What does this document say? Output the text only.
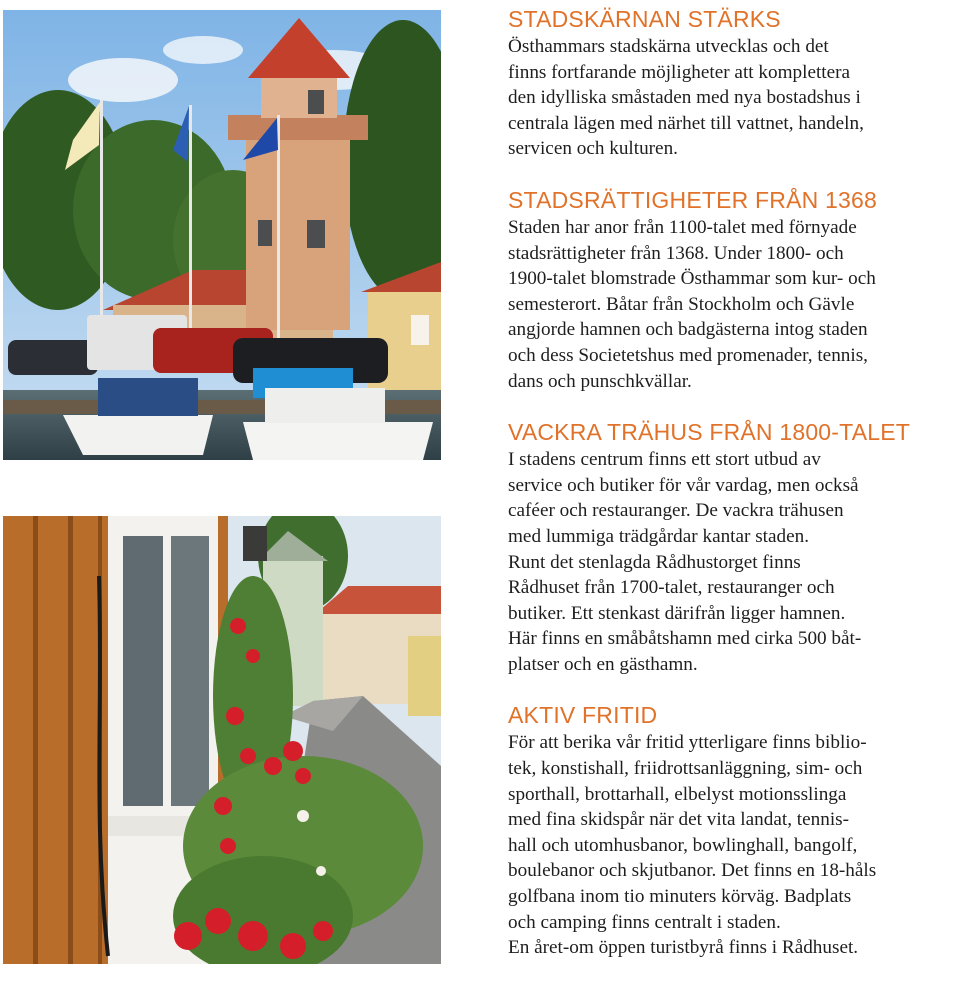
STADSKÄRNAN STÄRKS

Östhammars stadskärna utvecklas och det
finns fortfarande möjligheter att komplettera
den idylliska småstaden med nya bostadshus i
centrala lägen med närhet till vattnet, handeln,
servicen och kulturen.

STADSRÄTTIGHETER FRÅN 1368

Staden har anor från 1100-talet med förnyade
stadsrättigheter från 1368. Under 1800- och
1900-talet blomstrade Östhammar som kur- och
semesterort. Båtar från Stockholm och Gävle
angjorde hamnen och badgästerna intog staden
och dess Societetshus med promenader, tennis,
dans och punschkvällar.

VACKRA TRÄHUS FRÅN 1800-TALET

I stadens centrum finns ett stort utbud av
service och butiker för vår vardag, men också
caféer och restauranger. De vackra trähusen
med lummiga trädgårdar kantar staden.
Runt det stenlagda Rådhustorget finns
Rådhuset från 1700-talet, restauranger och
butiker. Ett stenkast därifrån ligger hamnen.
Här finns en småbåtshamn med cirka 500 båt-
platser och en gästhamn.

AKTIV FRITID

För att berika vår fritid ytterligare finns biblio-
tek, konstishall, friidrottsanläggning, sim- och
sporthall, brottarhall, elbelyst motionsslinga
med fina skidspår när det vita landat, tennis-
hall och utomhusbanor, bowlinghall, bangolf,
boulebanor och skjutbanor. Det finns en 18-håls
golfbana inom tio minuters körväg. Badplats
och camping finns centralt i staden.
En året-om öppen turistbyrå finns i Rådhuset.
